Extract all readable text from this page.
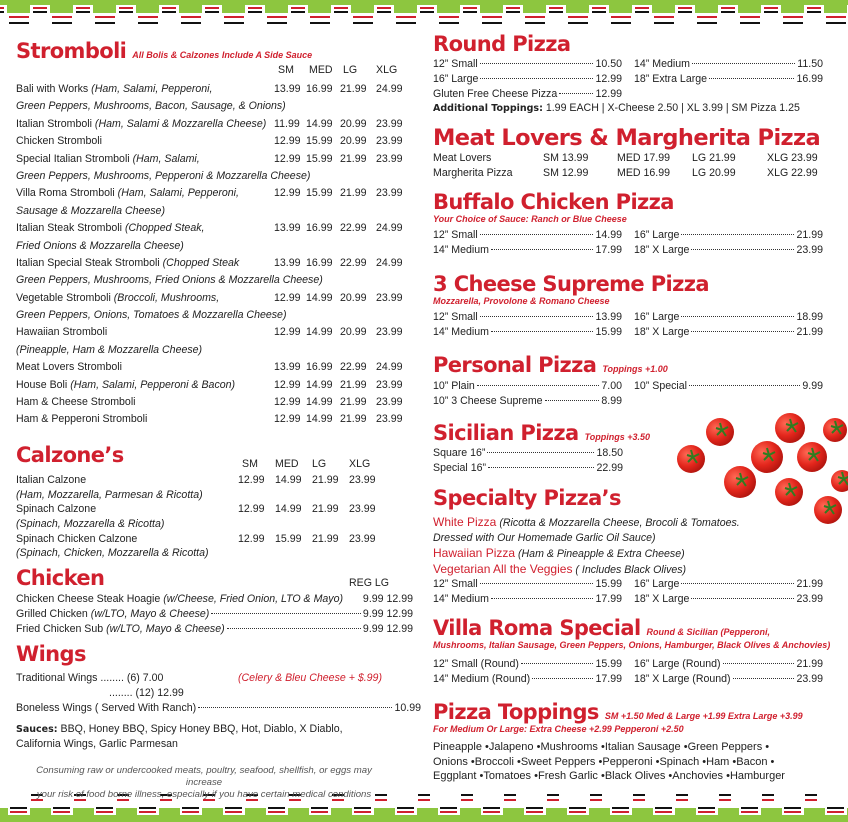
Stromboli All Bolis & Calzones Include A Side Sauce
SM MED LG XLG
Bali with Works (Ham, Salami, Pepperoni,	13.99 16.99 21.99 24.99
Green Peppers, Mushrooms, Bacon, Sausage, & Onions)
Italian Stromboli (Ham, Salami & Mozzarella Cheese) 11.99 14.99 20.99 23.99
Chicken Stromboli	12.99 15.99 20.99 23.99
Special Italian Stromboli (Ham, Salami,	12.99 15.99 21.99 23.99
Green Peppers, Mushrooms, Pepperoni & Mozzarella Cheese)
Villa Roma Stromboli (Ham, Salami, Pepperoni,	12.99 15.99 21.99 23.99
Sausage & Mozzarella Cheese)
Italian Steak Stromboli (Chopped Steak,	13.99 16.99 22.99 24.99
Fried Onions & Mozzarella Cheese)
Italian Special Steak Stromboli (Chopped Steak	13.99 16.99 22.99 24.99
Green Peppers, Mushrooms, Fried Onions & Mozzarella Cheese)
Vegetable Stromboli (Broccoli, Mushrooms,	12.99 14.99 20.99 23.99
Green Peppers, Onions, Tomatoes & Mozzarella Cheese)
Hawaiian Stromboli	12.99 14.99 20.99 23.99
(Pineapple, Ham & Mozzarella Cheese)
Meat Lovers Stromboli	13.99 16.99 22.99 24.99
House Boli (Ham, Salami, Pepperoni & Bacon)	12.99 14.99 21.99 23.99
Ham & Cheese Stromboli	12.99 14.99 21.99 23.99
Ham & Pepperoni Stromboli	12.99 14.99 21.99 23.99
Calzone’s	SM MED LG XLG
Italian Calzone	12.99 14.99 21.99 23.99
(Ham, Mozzarella, Parmesan & Ricotta)
Spinach Calzone	12.99 14.99 21.99 23.99
(Spinach, Mozzarella & Ricotta)
Spinach Chicken Calzone	12.99 15.99 21.99 23.99
(Spinach, Chicken, Mozzarella & Ricotta)
Chicken	REG LG
Chicken Cheese Steak Hoagie
(w/Cheese, Fried Onion, LTO & Mayo) 9.99 12.99
Grilled Chicken
(w/LTO, Mayo & Cheese)	9.99 12.99
Fried Chicken Sub
(w/LTO, Mayo & Cheese)	9.99 12.99
Wings
Traditional Wings ........ (6) 7.00	(Celery & Bleu Cheese + $.99)
........ (12) 12.99
Boneless Wings ( Served With Ranch)	10.99
Sauces: BBQ, Honey BBQ, Spicy Honey BBQ, Hot, Diablo, X Diablo,
California Wings, Garlic Parmesan
Consuming raw or undercooked meats, poultry, seafood, shellfish, or eggs may increase
your risk of food borne illness, especially if you have certain medical conditions
Round Pizza
12” Small	10.50 14” Medium	11.50
16” Large	12.99 18” Extra Large	16.99
Gluten Free Cheese Pizza	12.99
Additional Toppings: 1.99 EACH | X-Cheese 2.50 | XL 3.99 | SM Pizza 1.25
Meat Lovers & Margherita Pizza
Meat Lovers	SM 13.99	MED 17.99 LG 21.99	XLG 23.99
Margherita Pizza	SM 12.99	MED 16.99 LG 20.99	XLG 22.99
Buffalo Chicken Pizza
Your Choice of Sauce: Ranch or Blue Cheese
12” Small	14.99 16” Large	21.99
14” Medium	17.99 18” X Large	23.99
3 Cheese Supreme Pizza
Mozzarella, Provolone & Romano Cheese
12” Small	13.99 16” Large	18.99
14” Medium	15.99 18” X Large	21.99
Personal Pizza Toppings +1.00
10” Plain	7.00 10” Special	9.99
10” 3 Cheese Supreme	8.99
Sicilian Pizza Toppings +3.50
Square 16”	18.50
Special 16”	22.99
Specialty Pizza’s
White Pizza (Ricotta & Mozzarella Cheese, Brocoli & Tomatoes.
Dressed with Our Homemade Garlic Oil Sauce)
Hawaiian Pizza (Ham & Pineapple & Extra Cheese)
Vegetarian All the Veggies ( Includes Black Olives)
12” Small	15.99 16” Large	21.99
14” Medium	17.99 18” X Large	23.99
Villa Roma Special Round & Sicilian (Pepperoni,
Mushrooms, Italian Sausage, Green Peppers, Onions, Hamburger, Black Olives & Anchovies)
12” Small (Round)	15.99 16” Large (Round)	21.99
14” Medium (Round)	17.99 18” X Large (Round)	23.99
Pizza Toppings SM +1.50 Med & Large +1.99 Extra Large +3.99
For Medium Or Large: Extra Cheese +2.99 Pepperoni +2.50
Pineapple • Jalapeno • Mushrooms • Italian Sausage • Green Peppers •
Onions • Broccoli • Sweet Peppers • Pepperoni • Spinach • Ham • Bacon •
Eggplant • Tomatoes • Fresh Garlic • Black Olives • Anchovies • Hamburger
